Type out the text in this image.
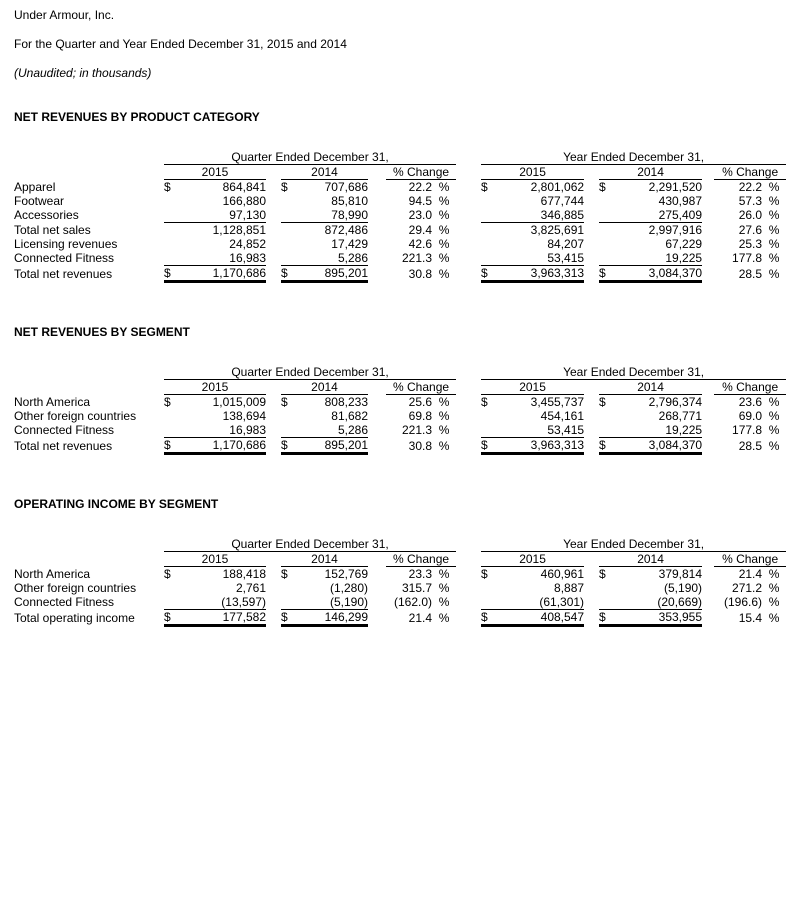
Under Armour, Inc.

For the Quarter and Year Ended December 31, 2015 and 2014

(Unaudited; in thousands)

NET REVENUES BY PRODUCT CATEGORY

	Quarter Ended December 31,									Year Ended December 31,							
	2015			2014			% Change			2015			2014			% Change	
Apparel	$	864,841		$	707,686		22.2	%		$	2,801,062		$	2,291,520		22.2	%
Footwear		166,880			85,810		94.5	%			677,744			430,987		57.3	%
Accessories		97,130			78,990		23.0	%			346,885			275,409		26.0	%
Total net sales		1,128,851			872,486		29.4	%			3,825,691			2,997,916		27.6	%
Licensing revenues		24,852			17,429		42.6	%			84,207			67,229		25.3	%
Connected Fitness		16,983			5,286		221.3	%			53,415			19,225		177.8	%
Total net revenues	$	1,170,686		$	895,201		30.8	%		$	3,963,313		$	3,084,370		28.5	%

NET REVENUES BY SEGMENT

	Quarter Ended December 31,									Year Ended December 31,							
	2015			2014			% Change			2015			2014			% Change	
North America	$	1,015,009		$	808,233		25.6	%		$	3,455,737		$	2,796,374		23.6	%
Other foreign countries		138,694			81,682		69.8	%			454,161			268,771		69.0	%
Connected Fitness		16,983			5,286		221.3	%			53,415			19,225		177.8	%
Total net revenues	$	1,170,686		$	895,201		30.8	%		$	3,963,313		$	3,084,370		28.5	%

OPERATING INCOME BY SEGMENT

	Quarter Ended December 31,									Year Ended December 31,							
	2015			2014			% Change			2015			2014			% Change	
North America	$	188,418		$	152,769		23.3	%		$	460,961		$	379,814		21.4	%
Other foreign countries		2,761			(1,280)		315.7	%			8,887			(5,190)		271.2	%
Connected Fitness		(13,597)			(5,190)		(162.0)	%			(61,301)			(20,669)		(196.6)	%
Total operating income	$	177,582		$	146,299		21.4	%		$	408,547		$	353,955		15.4	%
